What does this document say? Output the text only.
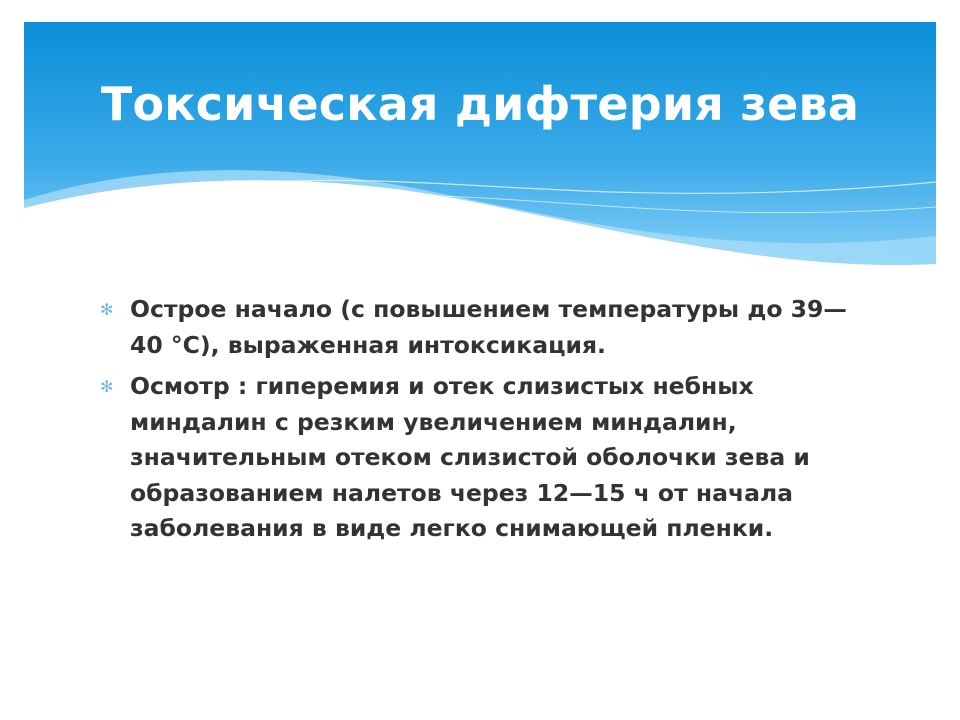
Токсическая дифтерия зева
✻ Острое начало (с повышением температуры до 39—40 °С), выраженная интоксикация.
✻ Осмотр : гиперемия и отек слизистых небных миндалин с резким увеличением миндалин, значительным отеком слизистой оболочки зева и образованием налетов через 12—15 ч от начала заболевания в виде легко снимающей пленки.
